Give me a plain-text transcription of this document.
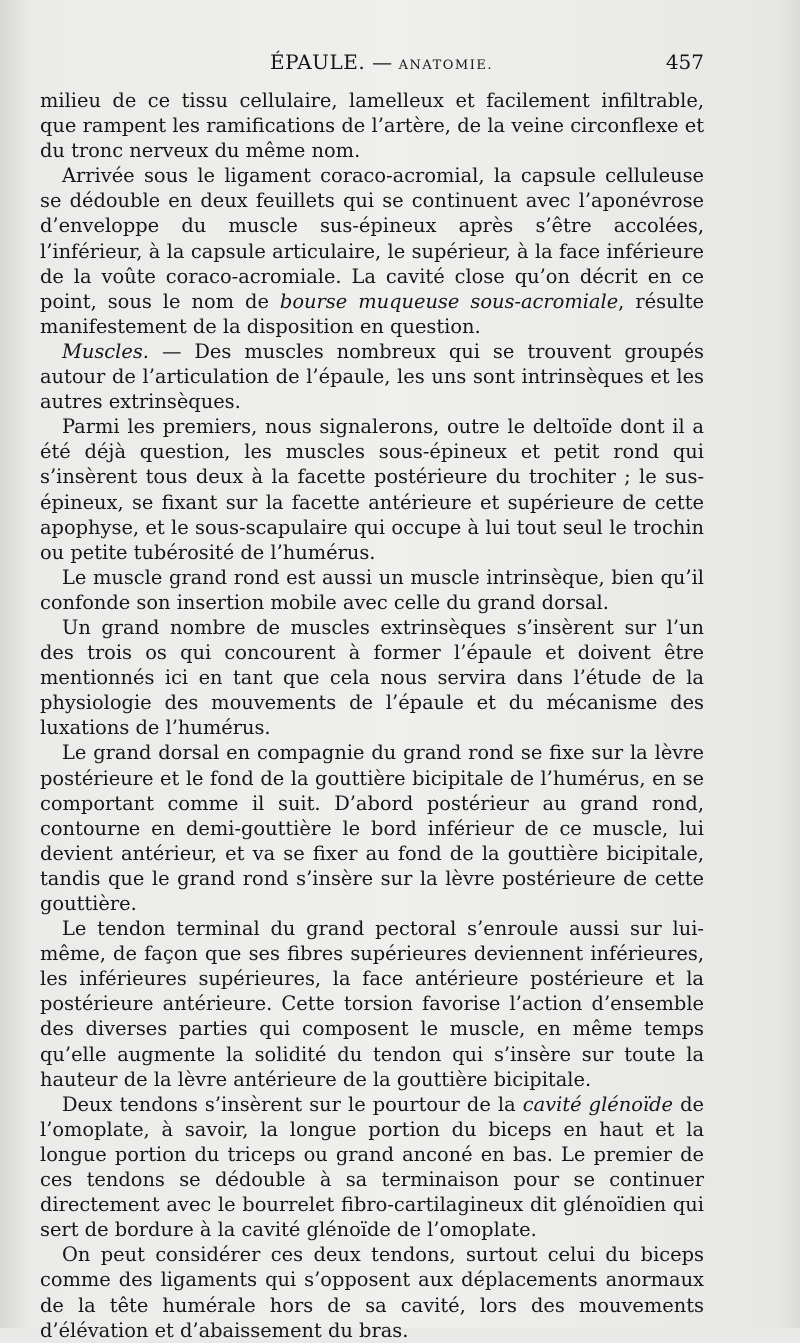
ÉPAULE. — ANATOMIE.	457

milieu de ce tissu cellulaire, lamelleux et facilement infiltrable, que rampent les ramifications de l’artère, de la veine circonflexe et du tronc nerveux du même nom.

Arrivée sous le ligament coraco-acromial, la capsule celluleuse se dédouble en deux feuillets qui se continuent avec l’aponévrose d’enveloppe du muscle sus-épineux après s’être accolées, l’inférieur, à la capsule articulaire, le supérieur, à la face inférieure de la voûte coraco-acromiale. La cavité close qu’on décrit en ce point, sous le nom de bourse muqueuse sous-acromiale, résulte manifestement de la disposition en question.

Muscles. — Des muscles nombreux qui se trouvent groupés autour de l’articulation de l’épaule, les uns sont intrinsèques et les autres extrinsèques.

Parmi les premiers, nous signalerons, outre le deltoïde dont il a été déjà question, les muscles sous-épineux et petit rond qui s’insèrent tous deux à la facette postérieure du trochiter ; le sus-épineux, se fixant sur la facette antérieure et supérieure de cette apophyse, et le sous-scapulaire qui occupe à lui tout seul le trochin ou petite tubérosité de l’humérus.

Le muscle grand rond est aussi un muscle intrinsèque, bien qu’il confonde son insertion mobile avec celle du grand dorsal.

Un grand nombre de muscles extrinsèques s’insèrent sur l’un des trois os qui concourent à former l’épaule et doivent être mentionnés ici en tant que cela nous servira dans l’étude de la physiologie des mouvements de l’épaule et du mécanisme des luxations de l’humérus.

Le grand dorsal en compagnie du grand rond se fixe sur la lèvre postérieure et le fond de la gouttière bicipitale de l’humérus, en se comportant comme il suit. D’abord postérieur au grand rond, contourne en demi-gouttière le bord inférieur de ce muscle, lui devient antérieur, et va se fixer au fond de la gouttière bicipitale, tandis que le grand rond s’insère sur la lèvre postérieure de cette gouttière.

Le tendon terminal du grand pectoral s’enroule aussi sur lui-même, de façon que ses fibres supérieures deviennent inférieures, les inférieures supérieures, la face antérieure postérieure et la postérieure antérieure. Cette torsion favorise l’action d’ensemble des diverses parties qui composent le muscle, en même temps qu’elle augmente la solidité du tendon qui s’insère sur toute la hauteur de la lèvre antérieure de la gouttière bicipitale.

Deux tendons s’insèrent sur le pourtour de la cavité glénoïde de l’omoplate, à savoir, la longue portion du biceps en haut et la longue portion du triceps ou grand anconé en bas. Le premier de ces tendons se dédouble à sa terminaison pour se continuer directement avec le bourrelet fibro-cartilagineux dit glénoïdien qui sert de bordure à la cavité glénoïde de l’omoplate.

On peut considérer ces deux tendons, surtout celui du biceps comme des ligaments qui s’opposent aux déplacements anormaux de la tête humérale hors de sa cavité, lors des mouvements d’élévation et d’abaissement du bras.
